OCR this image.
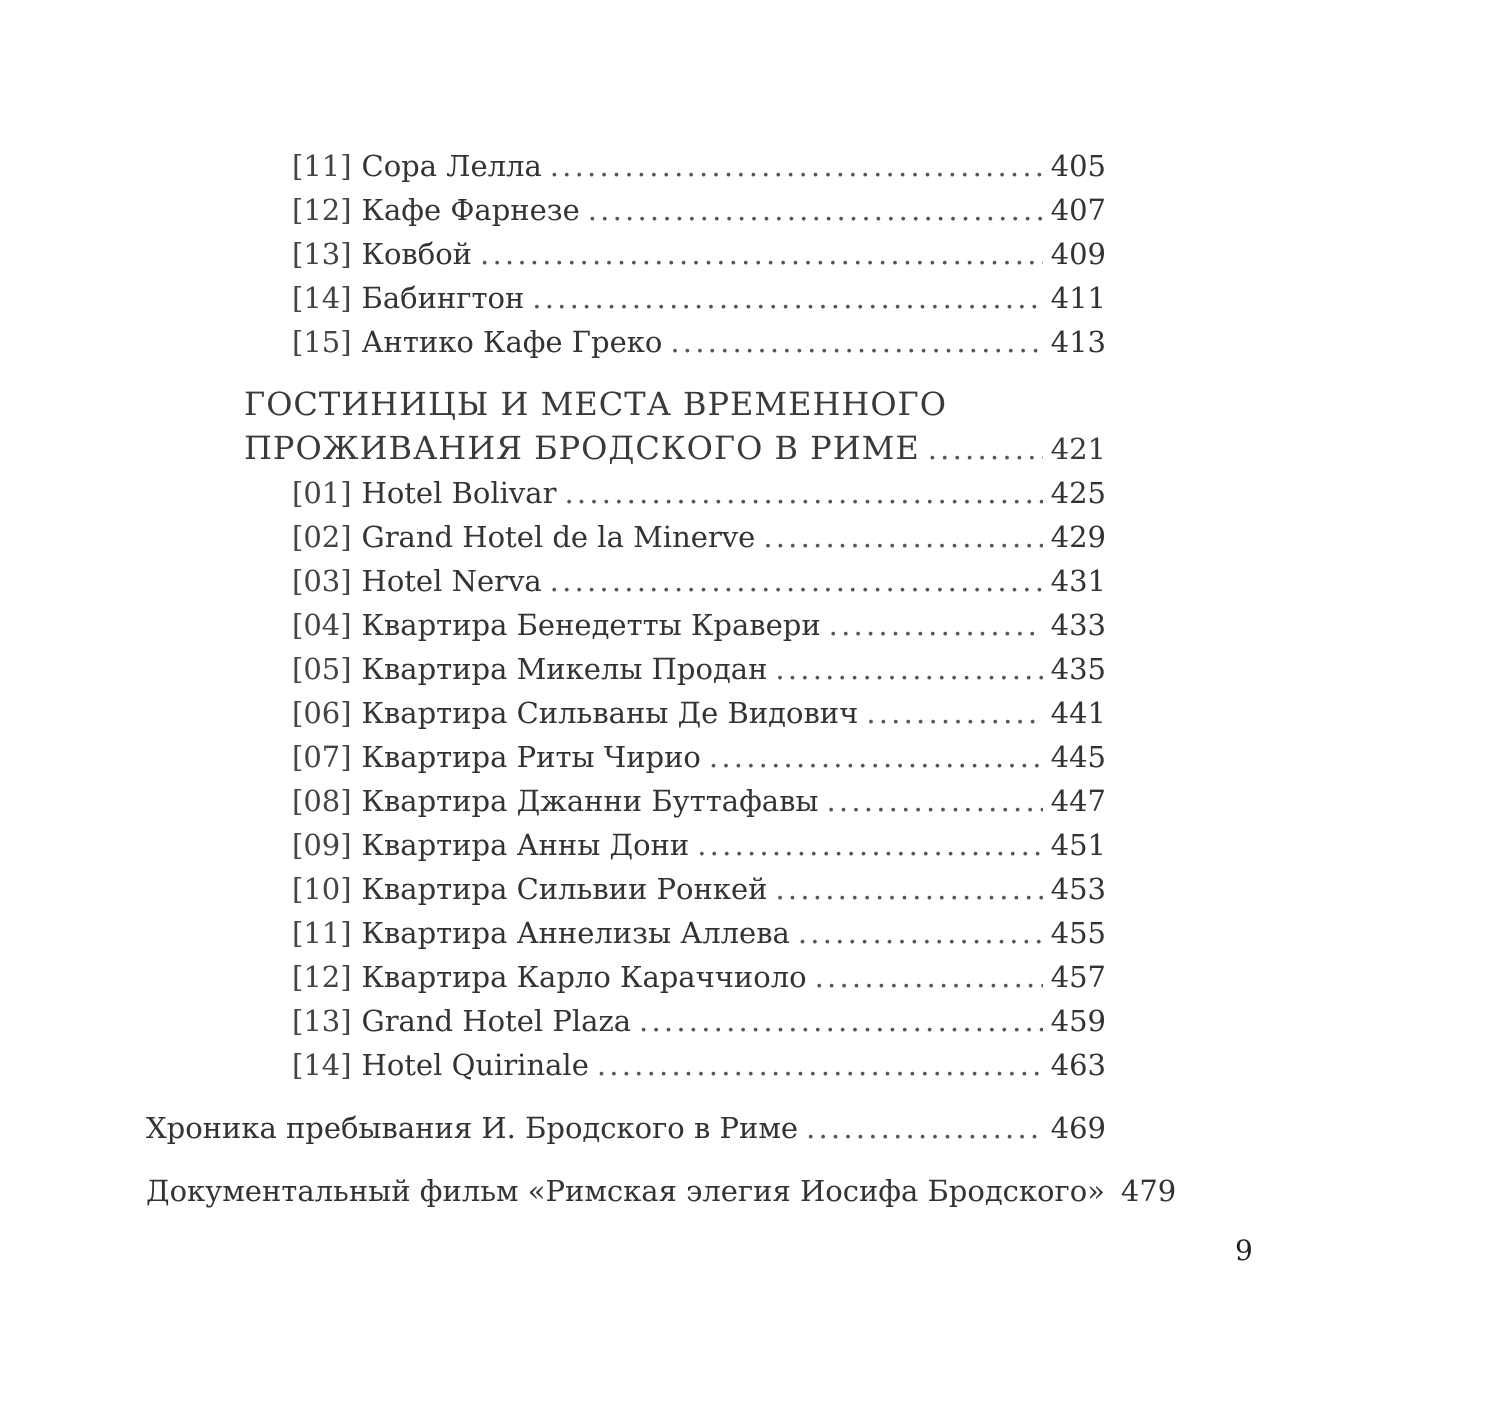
[11] Сора Лелла . . .	405
[12] Кафе Фарнезе . . .	407
[13] Ковбой . . .	409
[14] Бабингтон . . .	411
[15] Антико Кафе Греко . . .	413
ГОСТИНИЦЫ И МЕСТА ВРЕМЕННОГО
ПРОЖИВАНИЯ БРОДСКОГО В РИМЕ . . .	421
[01] Hotel Bolivar . . .	425
[02] Grand Hotel de la Minerve . . .	429
[03] Hotel Nerva . . .	431
[04] Квартира Бенедетты Кравери . . .	433
[05] Квартира Микелы Продан . . .	435
[06] Квартира Сильваны Де Видович . . .	441
[07] Квартира Риты Чирио . . .	445
[08] Квартира Джанни Буттафавы . . .	447
[09] Квартира Анны Дони . . .	451
[10] Квартира Сильвии Ронкей . . .	453
[11] Квартира Аннелизы Аллева . . .	455
[12] Квартира Карло Караччиоло . . .	457
[13] Grand Hotel Plaza . . .	459
[14] Hotel Quirinale . . .	463
Хроника пребывания И. Бродского в Риме . . .	469
Документальный фильм «Римская элегия Иосифа Бродского» 479
9
